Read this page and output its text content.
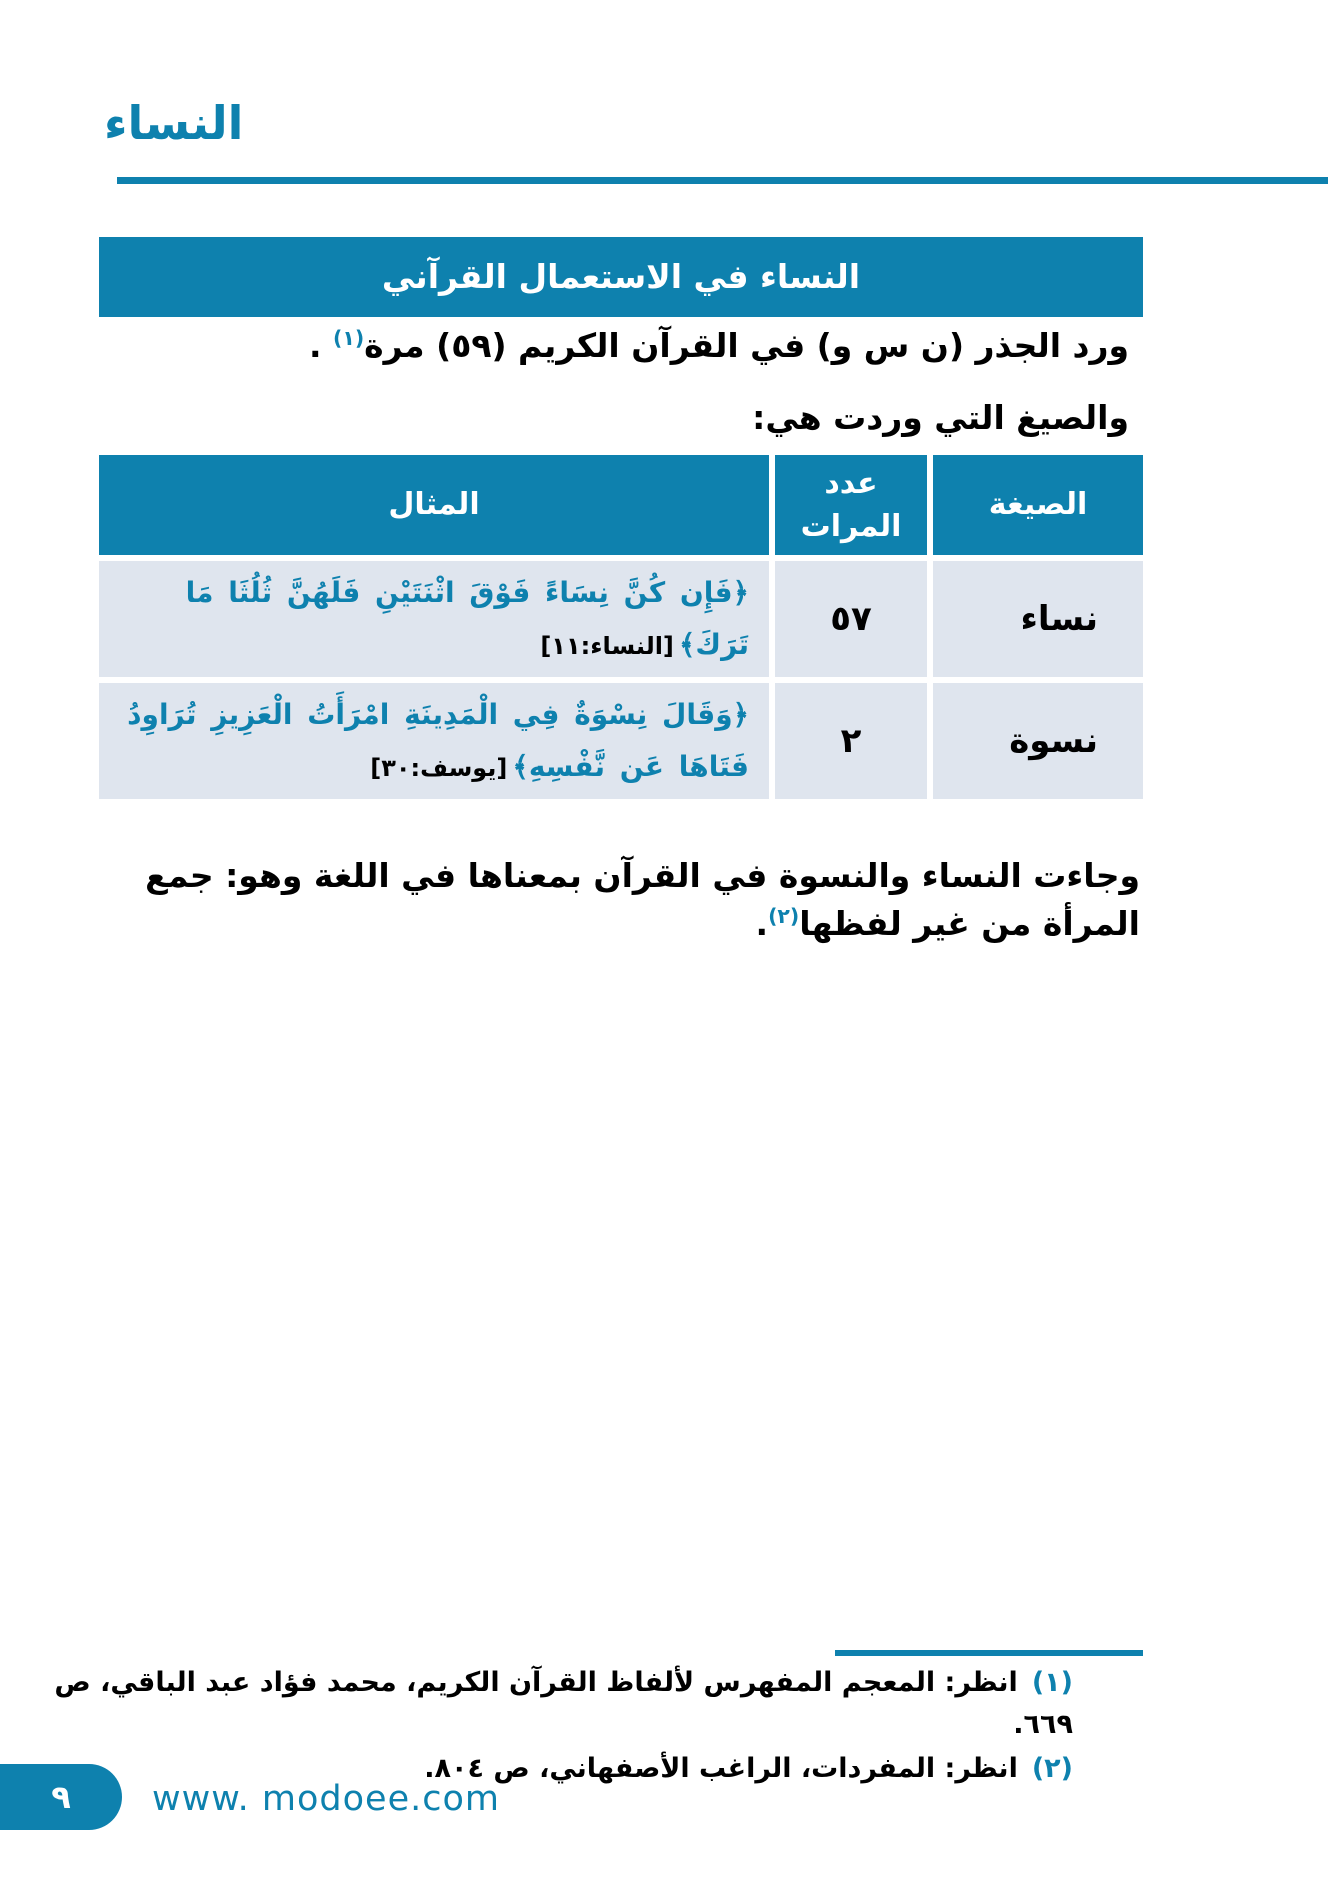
النساء
النساء في الاستعمال القرآني
ورد الجذر (ن س و) في القرآن الكريم (٥٩) مرة$^{(١)}$ .
والصيغ التي وردت هي:
الصيغة
عدد المرات
المثال
نساء
٥٧
﴿فَإِن كُنَّ نِسَاءً فَوْقَ اثْنَتَيْنِ فَلَهُنَّ ثُلُثَا مَا تَرَكَ﴾ [النساء:١١]
نسوة
٢
﴿وَقَالَ نِسْوَةٌ فِي الْمَدِينَةِ امْرَأَتُ الْعَزِيزِ تُرَاوِدُ فَتَاهَا عَن نَّفْسِهِ﴾ [يوسف:٣٠]
وجاءت النساء والنسوة في القرآن بمعناها في اللغة وهو: جمع المرأة من غير لفظها$^{(٢)}$.
(١)انظر: المعجم المفهرس لألفاظ القرآن الكريم، محمد فؤاد عبد الباقي، ص ٦٦٩.
(٢)انظر: المفردات، الراغب الأصفهاني، ص ٨٠٤.
٩ www. modoee.com
